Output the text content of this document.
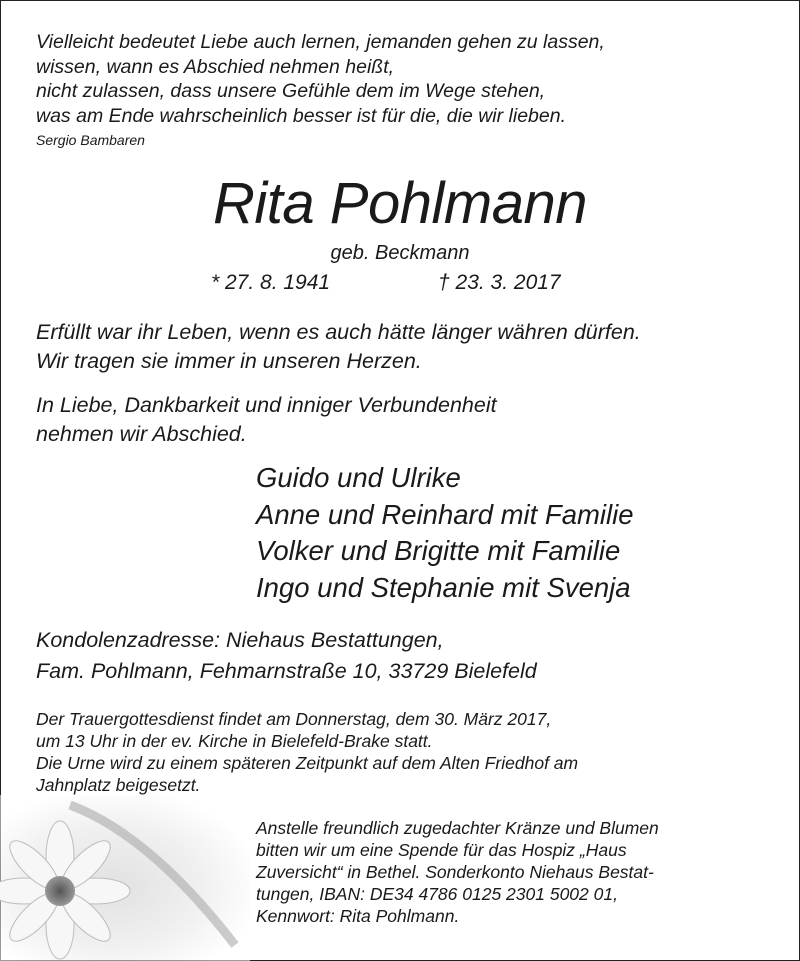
Vielleicht bedeutet Liebe auch lernen, jemanden gehen zu lassen,
wissen, wann es Abschied nehmen heißt,
nicht zulassen, dass unsere Gefühle dem im Wege stehen,
was am Ende wahrscheinlich besser ist für die, die wir lieben.
Sergio Bambaren
Rita Pohlmann
geb. Beckmann
* 27. 8. 1941	† 23. 3. 2017
Erfüllt war ihr Leben, wenn es auch hätte länger währen dürfen.
Wir tragen sie immer in unseren Herzen.
In Liebe, Dankbarkeit und inniger Verbundenheit
nehmen wir Abschied.
Guido und Ulrike
Anne und Reinhard mit Familie
Volker und Brigitte mit Familie
Ingo und Stephanie mit Svenja
Kondolenzadresse: Niehaus Bestattungen,
Fam. Pohlmann, Fehmarnstraße 10, 33729 Bielefeld
Der Trauergottesdienst findet am Donnerstag, dem 30. März 2017,
um 13 Uhr in der ev. Kirche in Bielefeld-Brake statt.
Die Urne wird zu einem späteren Zeitpunkt auf dem Alten Friedhof am
Jahnplatz beigesetzt.
Anstelle freundlich zugedachter Kränze und Blumen
bitten wir um eine Spende für das Hospiz „Haus
Zuversicht“ in Bethel. Sonderkonto Niehaus Bestat-
tungen, IBAN: DE34 4786 0125 2301 5002 01,
Kennwort: Rita Pohlmann.
